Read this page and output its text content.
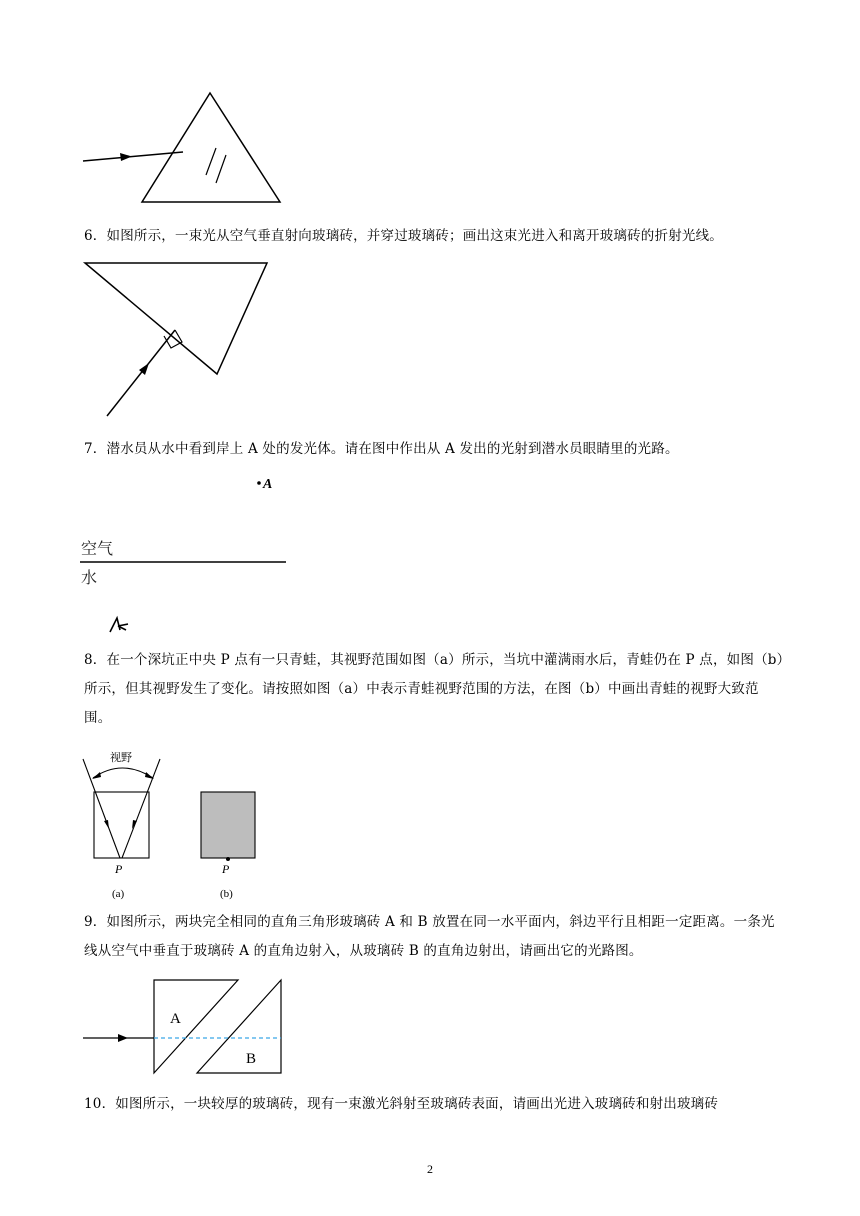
6．如图所示，一束光从空气垂直射向玻璃砖，并穿过玻璃砖；画出这束光进入和离开玻璃砖的折射光线。
7．潜水员从水中看到岸上 A 处的发光体。请在图中作出从 A 发出的光射到潜水员眼睛里的光路。
A
空气
水
8．在一个深坑正中央 P 点有一只青蛙，其视野范围如图（a）所示，当坑中灌满雨水后，青蛙仍在 P 点，如图（b）所示，但其视野发生了变化。请按照如图（a）中表示青蛙视野范围的方法，在图（b）中画出青蛙的视野大致范围。
视野
P
(a)
P
(b)
9．如图所示，两块完全相同的直角三角形玻璃砖 A 和 B 放置在同一水平面内，斜边平行且相距一定距离。一条光线从空气中垂直于玻璃砖 A 的直角边射入，从玻璃砖 B 的直角边射出，请画出它的光路图。
A
B
10．如图所示，一块较厚的玻璃砖，现有一束激光斜射至玻璃砖表面，请画出光进入玻璃砖和射出玻璃砖
2
